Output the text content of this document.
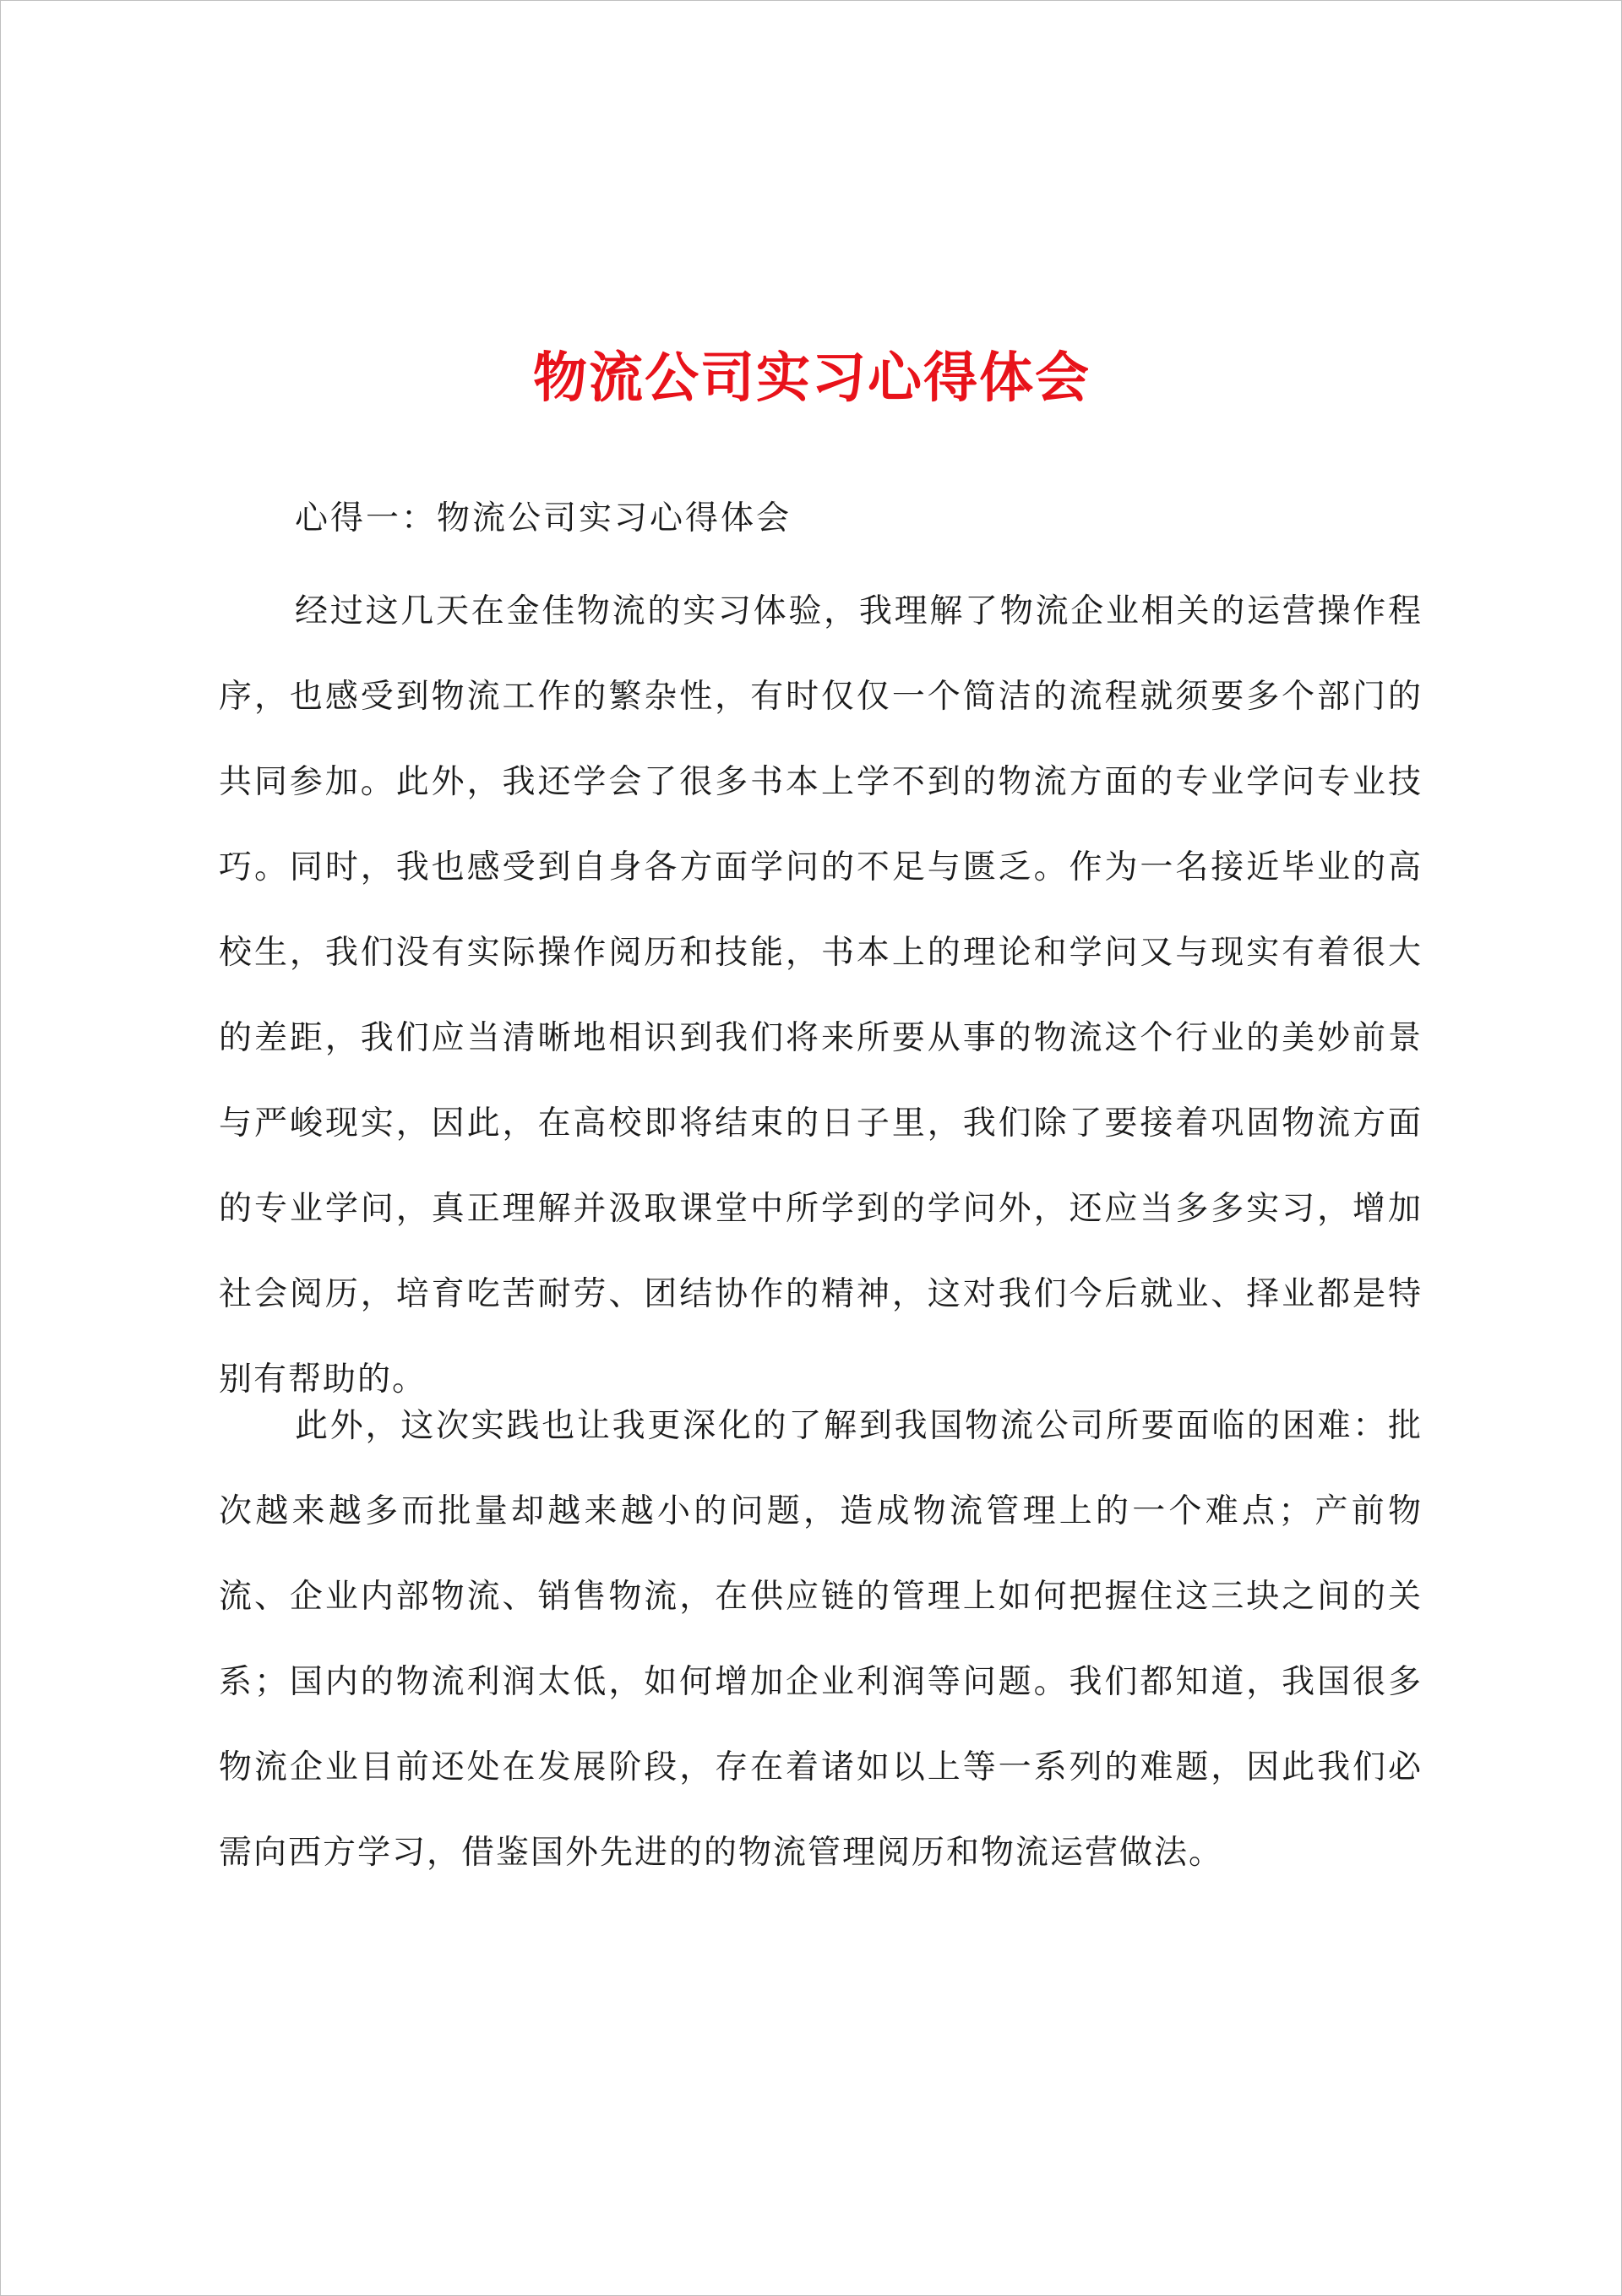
物流公司实习心得体会
心得一：物流公司实习心得体会

经过这几天在金佳物流的实习体验，我理解了物流企业相关的运营操作程序，也感受到物流工作的繁杂性，有时仅仅一个简洁的流程就须要多个部门的共同参加。此外，我还学会了很多书本上学不到的物流方面的专业学问专业技巧。同时，我也感受到自身各方面学问的不足与匮乏。作为一名接近毕业的高校生，我们没有实际操作阅历和技能，书本上的理论和学问又与现实有着很大的差距，我们应当清晰地相识到我们将来所要从事的物流这个行业的美妙前景与严峻现实，因此，在高校即将结束的日子里，我们除了要接着巩固物流方面的专业学问，真正理解并汲取课堂中所学到的学问外，还应当多多实习，增加社会阅历，培育吃苦耐劳、团结协作的精神，这对我们今后就业、择业都是特别有帮助的。

此外，这次实践也让我更深化的了解到我国物流公司所要面临的困难：批次越来越多而批量却越来越小的问题，造成物流管理上的一个难点；产前物流、企业内部物流、销售物流，在供应链的管理上如何把握住这三块之间的关系；国内的物流利润太低，如何增加企业利润等问题。我们都知道，我国很多物流企业目前还处在发展阶段，存在着诸如以上等一系列的难题，因此我们必需向西方学习，借鉴国外先进的的物流管理阅历和物流运营做法。
